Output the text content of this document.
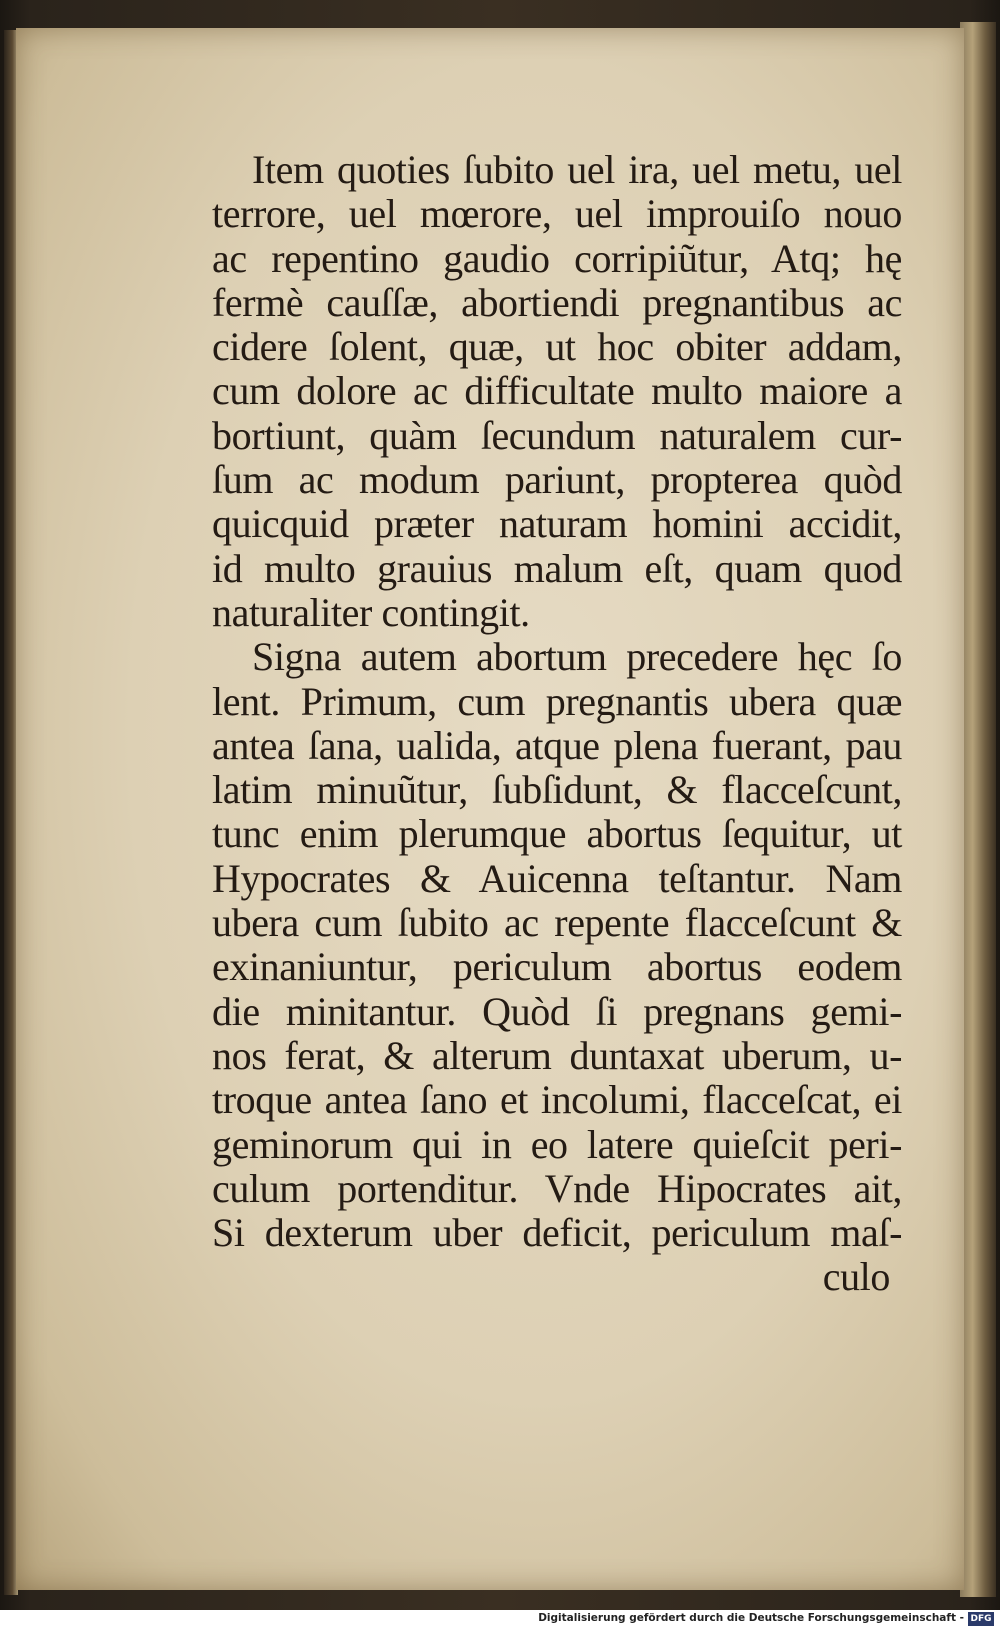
Item quoties ſubito uel ira, uel metu, uel
terrore, uel mœrore, uel improuiſo nouo
ac repentino gaudio corripiũtur, Atq; hę
fermè cauſſæ, abortiendi pregnantibus ac
cidere ſolent, quæ, ut hoc obiter addam,
cum dolore ac difficultate multo maiore a
bortiunt, quàm ſecundum naturalem cur-
ſum ac modum pariunt, propterea quòd
quicquid præter naturam homini accidit,
id multo grauius malum eſt, quam quod
naturaliter contingit.
Signa autem abortum precedere hęc ſo
lent. Primum, cum pregnantis ubera quæ
antea ſana, ualida, atque plena fuerant, pau
latim minuũtur, ſubſidunt, & flacceſcunt,
tunc enim plerumque abortus ſequitur, ut
Hypocrates & Auicenna teſtantur. Nam
ubera cum ſubito ac repente flacceſcunt &
exinaniuntur, periculum abortus eodem
die minitantur. Quòd ſi pregnans gemi-
nos ferat, & alterum duntaxat uberum, u-
troque antea ſano et incolumi, flacceſcat, ei
geminorum qui in eo latere quieſcit peri-
culum portenditur. Vnde Hipocrates ait,
Si dexterum uber deficit, periculum maſ-
culo
Digitalisierung gefördert durch die Deutsche Forschungsgemeinschaft - DFG
